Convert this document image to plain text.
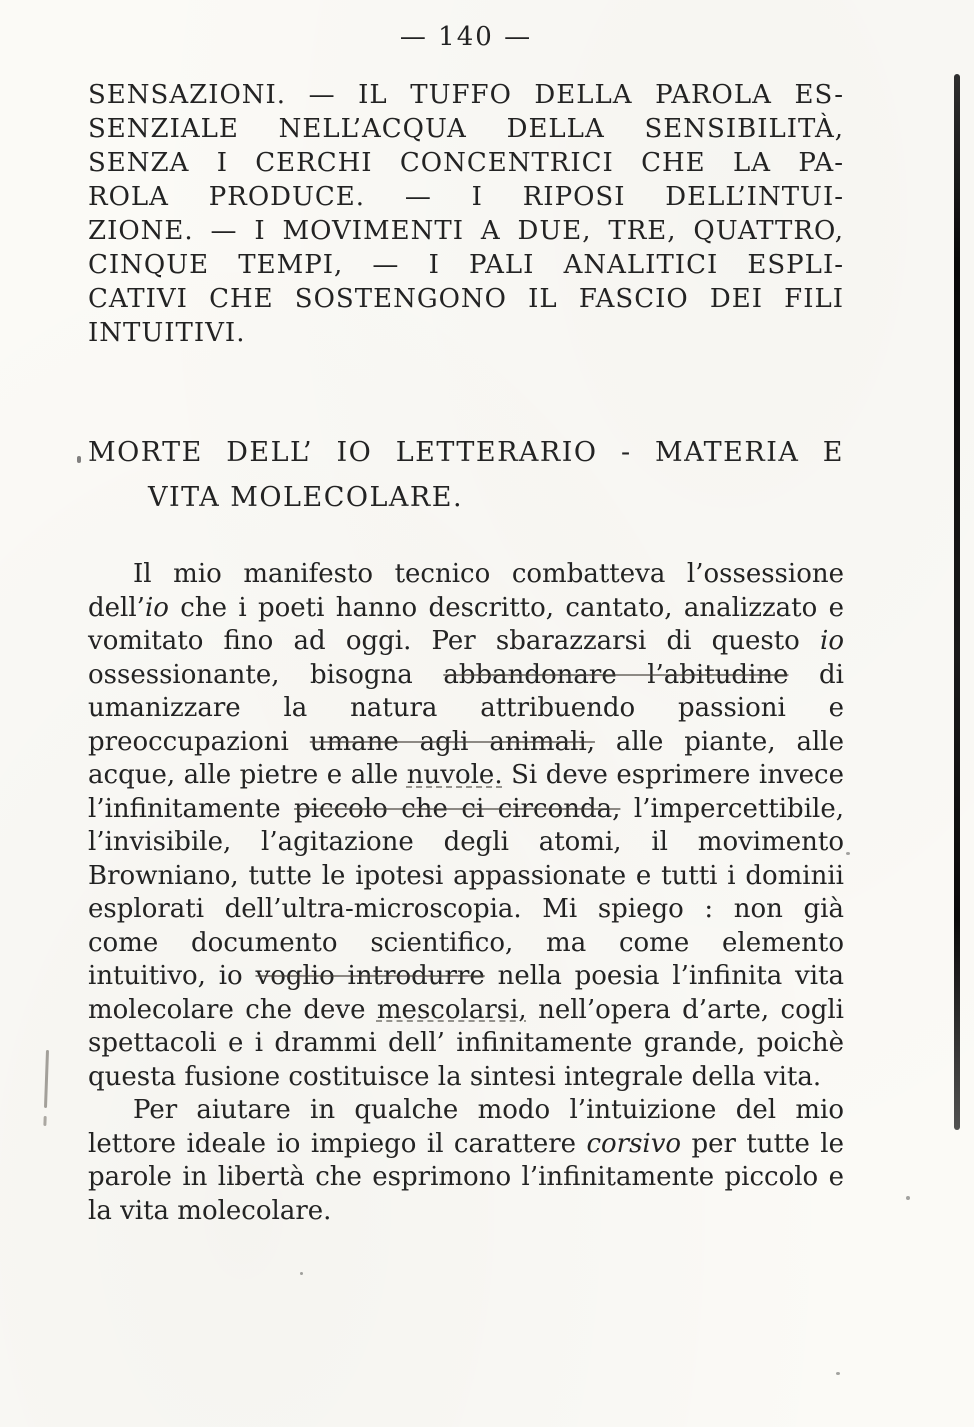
— 140 —
SENSAZIONI. — IL TUFFO DELLA PAROLA ES-
SENZIALE NELL’ACQUA DELLA SENSIBILITÀ,
SENZA I CERCHI CONCENTRICI CHE LA PA-
ROLA PRODUCE. — I RIPOSI DELL’INTUI-
ZIONE. — I MOVIMENTI A DUE, TRE, QUATTRO,
CINQUE TEMPI, — I PALI ANALITICI ESPLI-
CATIVI CHE SOSTENGONO IL FASCIO DEI FILI
INTUITIVI.
MORTE DELL’ IO LETTERARIO - MATERIA E
VITA MOLECOLARE.

Il mio manifesto tecnico combatteva l’ossessione dell’io che i poeti hanno descritto, cantato, analizzato e vomitato fino ad oggi. Per sbarazzarsi di questo io ossessionante, bisogna abbandonare l’abitudine di umanizzare la natura attribuendo passioni e preoccupazioni umane agli animali, alle piante, alle acque, alle pietre e alle nuvole. Si deve esprimere invece l’infinitamente piccolo che ci circonda, l’impercettibile, l’invisibile, l’agitazione degli atomi, il movimento Browniano, tutte le ipotesi appassionate e tutti i dominii esplorati dell’ultra-microscopia. Mi spiego : non già come documento scientifico, ma come elemento intuitivo, io voglio introdurre nella poesia l’infinita vita molecolare che deve mescolarsi, nell’opera d’arte, cogli spettacoli e i drammi dell’ infinitamente grande, poichè questa fusione costituisce la sintesi integrale della vita.

Per aiutare in qualche modo l’intuizione del mio lettore ideale io impiego il carattere corsivo per tutte le parole in libertà che esprimono l’infinitamente piccolo e la vita molecolare.
